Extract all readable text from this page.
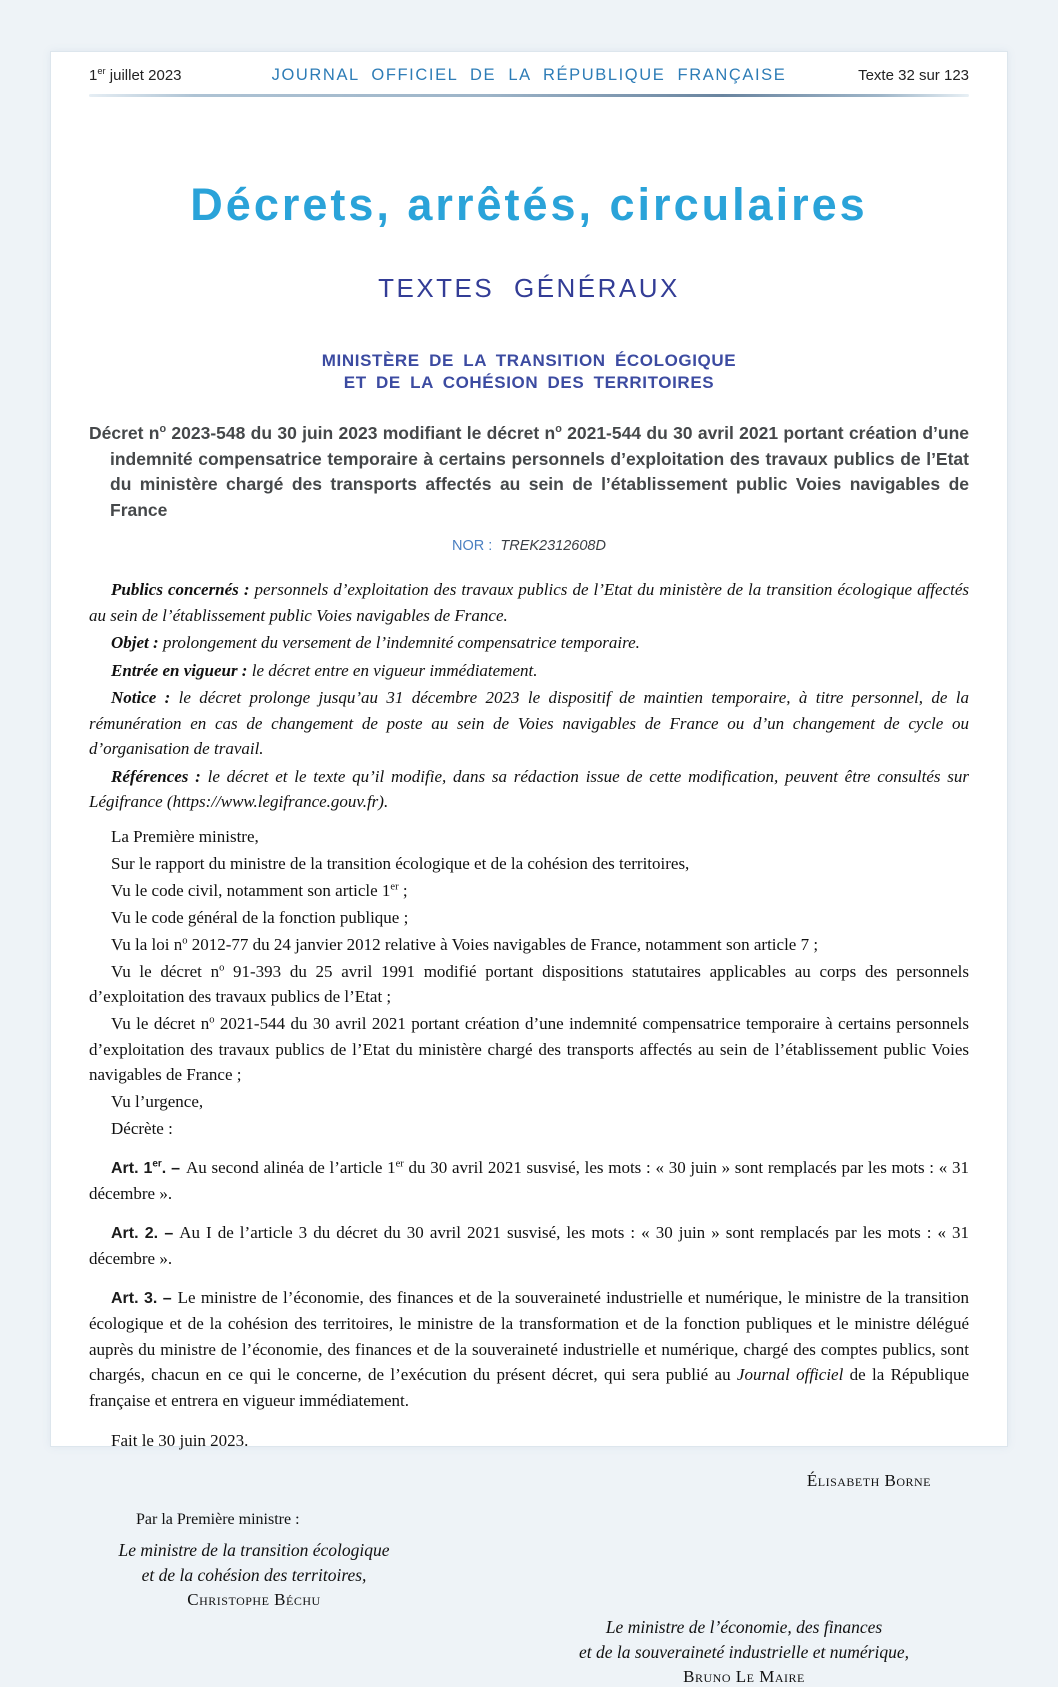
1er juillet 2023	JOURNAL OFFICIEL DE LA RÉPUBLIQUE FRANÇAISE	Texte 32 sur 123
Décrets, arrêtés, circulaires
TEXTES GÉNÉRAUX
MINISTÈRE DE LA TRANSITION ÉCOLOGIQUE
ET DE LA COHÉSION DES TERRITOIRES
Décret $n^o$ 2023-548 du 30 juin 2023 modifiant le décret $n^o$ 2021-544 du 30 avril 2021 portant création d’une indemnité compensatrice temporaire à certains personnels d’exploitation des travaux publics de l’Etat du ministère chargé des transports affectés au sein de l’établissement public Voies navigables de France
NOR : TREK2312608D

Publics concernés : personnels d’exploitation des travaux publics de l’Etat du ministère de la transition écologique affectés au sein de l’établissement public Voies navigables de France.

Objet : prolongement du versement de l’indemnité compensatrice temporaire.

Entrée en vigueur : le décret entre en vigueur immédiatement.

Notice : le décret prolonge jusqu’au 31 décembre 2023 le dispositif de maintien temporaire, à titre personnel, de la rémunération en cas de changement de poste au sein de Voies navigables de France ou d’un changement de cycle ou d’organisation de travail.

Références : le décret et le texte qu’il modifie, dans sa rédaction issue de cette modification, peuvent être consultés sur Légifrance (https://www.legifrance.gouv.fr).

La Première ministre,

Sur le rapport du ministre de la transition écologique et de la cohésion des territoires,

Vu le code civil, notamment son article 1er ;

Vu le code général de la fonction publique ;

Vu la loi $n^o$ 2012-77 du 24 janvier 2012 relative à Voies navigables de France, notamment son article 7 ;

Vu le décret $n^o$ 91-393 du 25 avril 1991 modifié portant dispositions statutaires applicables au corps des personnels d’exploitation des travaux publics de l’Etat ;

Vu le décret $n^o$ 2021-544 du 30 avril 2021 portant création d’une indemnité compensatrice temporaire à certains personnels d’exploitation des travaux publics de l’Etat du ministère chargé des transports affectés au sein de l’établissement public Voies navigables de France ;

Vu l’urgence,

Décrète :

Art. 1er. – Au second alinéa de l’article 1er du 30 avril 2021 susvisé, les mots : « 30 juin » sont remplacés par les mots : « 31 décembre ».

Art. 2. – Au I de l’article 3 du décret du 30 avril 2021 susvisé, les mots : « 30 juin » sont remplacés par les mots : « 31 décembre ».

Art. 3. – Le ministre de l’économie, des finances et de la souveraineté industrielle et numérique, le ministre de la transition écologique et de la cohésion des territoires, le ministre de la transformation et de la fonction publiques et le ministre délégué auprès du ministre de l’économie, des finances et de la souveraineté industrielle et numérique, chargé des comptes publics, sont chargés, chacun en ce qui le concerne, de l’exécution du présent décret, qui sera publié au Journal officiel de la République française et entrera en vigueur immédiatement.

Fait le 30 juin 2023.

Élisabeth Borne
Par la Première ministre :
Le ministre de la transition écologique
et de la cohésion des territoires,
Christophe Béchu
Le ministre de l’économie, des finances
et de la souveraineté industrielle et numérique,
Bruno Le Maire
